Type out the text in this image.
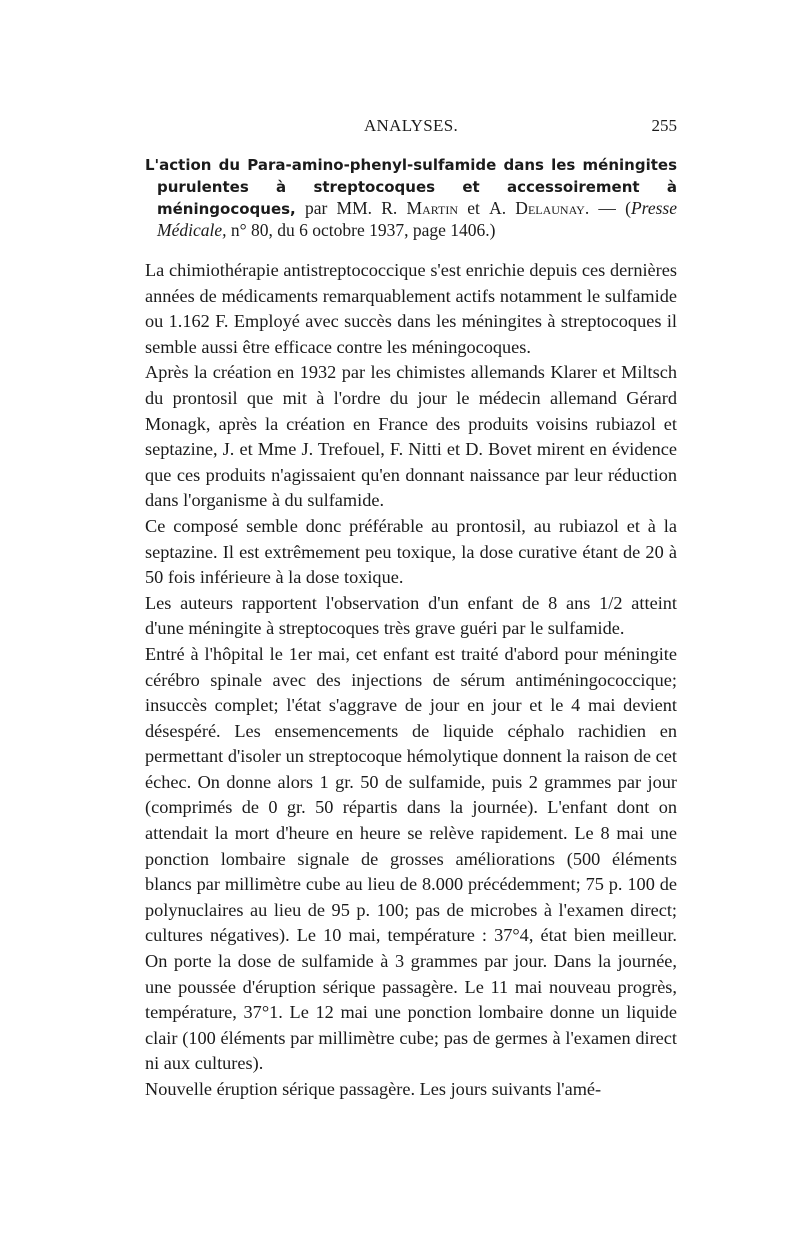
ANALYSES.	255
L'action du Para-amino-phenyl-sulfamide dans les méningites purulentes à streptocoques et accessoirement à méningocoques, par MM. R. Martin et A. Delaunay. — (Presse Médicale, n° 80, du 6 octobre 1937, page 1406.)

La chimiothérapie antistreptococcique s'est enrichie depuis ces dernières années de médicaments remarquablement actifs notamment le sulfamide ou 1.162 F. Employé avec succès dans les méningites à streptocoques il semble aussi être efficace contre les méningocoques.

Après la création en 1932 par les chimistes allemands Klarer et Miltsch du prontosil que mit à l'ordre du jour le médecin allemand Gérard Monagk, après la création en France des produits voisins rubiazol et septazine, J. et Mme J. Trefouel, F. Nitti et D. Bovet mirent en évidence que ces produits n'agissaient qu'en donnant naissance par leur réduction dans l'organisme à du sulfamide.

Ce composé semble donc préférable au prontosil, au rubiazol et à la septazine. Il est extrêmement peu toxique, la dose curative étant de 20 à 50 fois inférieure à la dose toxique.

Les auteurs rapportent l'observation d'un enfant de 8 ans 1/2 atteint d'une méningite à streptocoques très grave guéri par le sulfamide.

Entré à l'hôpital le 1er mai, cet enfant est traité d'abord pour méningite cérébro spinale avec des injections de sérum antiméningococcique; insuccès complet; l'état s'aggrave de jour en jour et le 4 mai devient désespéré. Les ensemencements de liquide céphalo rachidien en permettant d'isoler un streptocoque hémolytique donnent la raison de cet échec. On donne alors 1 gr. 50 de sulfamide, puis 2 grammes par jour (comprimés de 0 gr. 50 répartis dans la journée). L'enfant dont on attendait la mort d'heure en heure se relève rapidement. Le 8 mai une ponction lombaire signale de grosses améliorations (500 éléments blancs par millimètre cube au lieu de 8.000 précédemment; 75 p. 100 de polynuclaires au lieu de 95 p. 100; pas de microbes à l'examen direct; cultures négatives). Le 10 mai, température : 37°4, état bien meilleur. On porte la dose de sulfamide à 3 grammes par jour. Dans la journée, une poussée d'éruption sérique passagère. Le 11 mai nouveau progrès, température, 37°1. Le 12 mai une ponction lombaire donne un liquide clair (100 éléments par millimètre cube; pas de germes à l'examen direct ni aux cultures).

Nouvelle éruption sérique passagère. Les jours suivants l'amé-
